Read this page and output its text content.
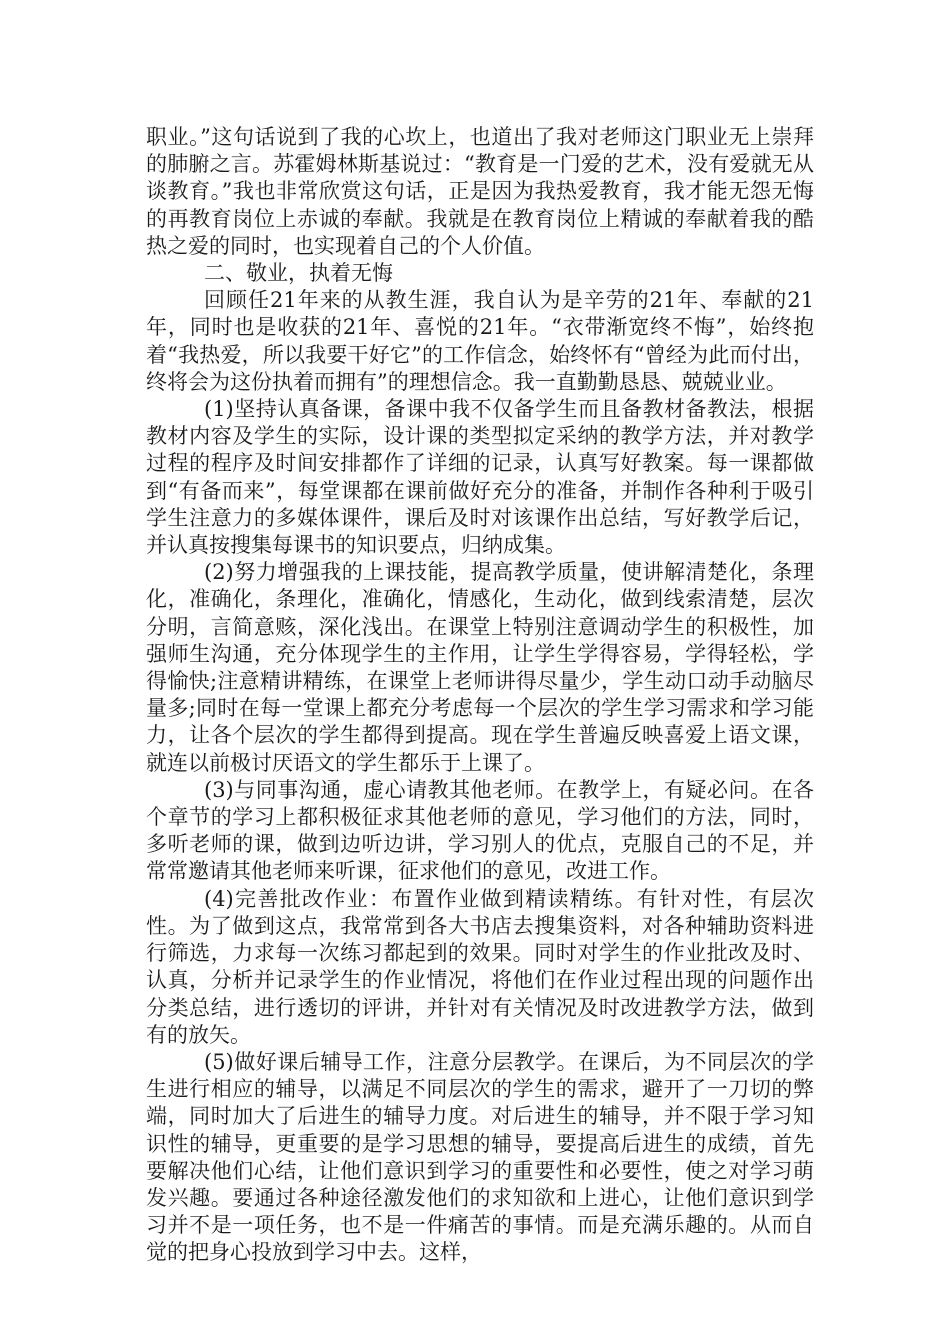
职业。”这句话说到了我的心坎上，也道出了我对老师这门职业无上崇拜的肺腑之言。苏霍姆林斯基说过：“教育是一门爱的艺术，没有爱就无从谈教育。”我也非常欣赏这句话，正是因为我热爱教育，我才能无怨无悔的再教育岗位上赤诚的奉献。我就是在教育岗位上精诚的奉献着我的酷热之爱的同时，也实现着自己的个人价值。

二、敬业，执着无悔

回顾任21年来的从教生涯，我自认为是辛劳的21年、奉献的21年，同时也是收获的21年、喜悦的21年。“衣带渐宽终不悔”，始终抱着“我热爱，所以我要干好它”的工作信念，始终怀有“曾经为此而付出，终将会为这份执着而拥有”的理想信念。我一直勤勤恳恳、兢兢业业。

(1)坚持认真备课，备课中我不仅备学生而且备教材备教法，根据教材内容及学生的实际，设计课的类型拟定采纳的教学方法，并对教学过程的程序及时间安排都作了详细的记录，认真写好教案。每一课都做到“有备而来”，每堂课都在课前做好充分的准备，并制作各种利于吸引学生注意力的多媒体课件，课后及时对该课作出总结，写好教学后记，并认真按搜集每课书的知识要点，归纳成集。

(2)努力增强我的上课技能，提高教学质量，使讲解清楚化，条理化，准确化，条理化，准确化，情感化，生动化，做到线索清楚，层次分明，言简意赅，深化浅出。在课堂上特别注意调动学生的积极性，加强师生沟通，充分体现学生的主作用，让学生学得容易，学得轻松，学得愉快;注意精讲精练，在课堂上老师讲得尽量少，学生动口动手动脑尽量多;同时在每一堂课上都充分考虑每一个层次的学生学习需求和学习能力，让各个层次的学生都得到提高。现在学生普遍反映喜爱上语文课，就连以前极讨厌语文的学生都乐于上课了。

(3)与同事沟通，虚心请教其他老师。在教学上，有疑必问。在各个章节的学习上都积极征求其他老师的意见，学习他们的方法，同时，多听老师的课，做到边听边讲，学习别人的优点，克服自己的不足，并常常邀请其他老师来听课，征求他们的意见，改进工作。

(4)完善批改作业：布置作业做到精读精练。有针对性，有层次性。为了做到这点，我常常到各大书店去搜集资料，对各种辅助资料进行筛选，力求每一次练习都起到的效果。同时对学生的作业批改及时、认真，分析并记录学生的作业情况，将他们在作业过程出现的问题作出分类总结，进行透切的评讲，并针对有关情况及时改进教学方法，做到有的放矢。

(5)做好课后辅导工作，注意分层教学。在课后，为不同层次的学生进行相应的辅导，以满足不同层次的学生的需求，避开了一刀切的弊端，同时加大了后进生的辅导力度。对后进生的辅导，并不限于学习知识性的辅导，更重要的是学习思想的辅导，要提高后进生的成绩，首先要解决他们心结，让他们意识到学习的重要性和必要性，使之对学习萌发兴趣。要通过各种途径激发他们的求知欲和上进心，让他们意识到学习并不是一项任务，也不是一件痛苦的事情。而是充满乐趣的。从而自觉的把身心投放到学习中去。这样，
